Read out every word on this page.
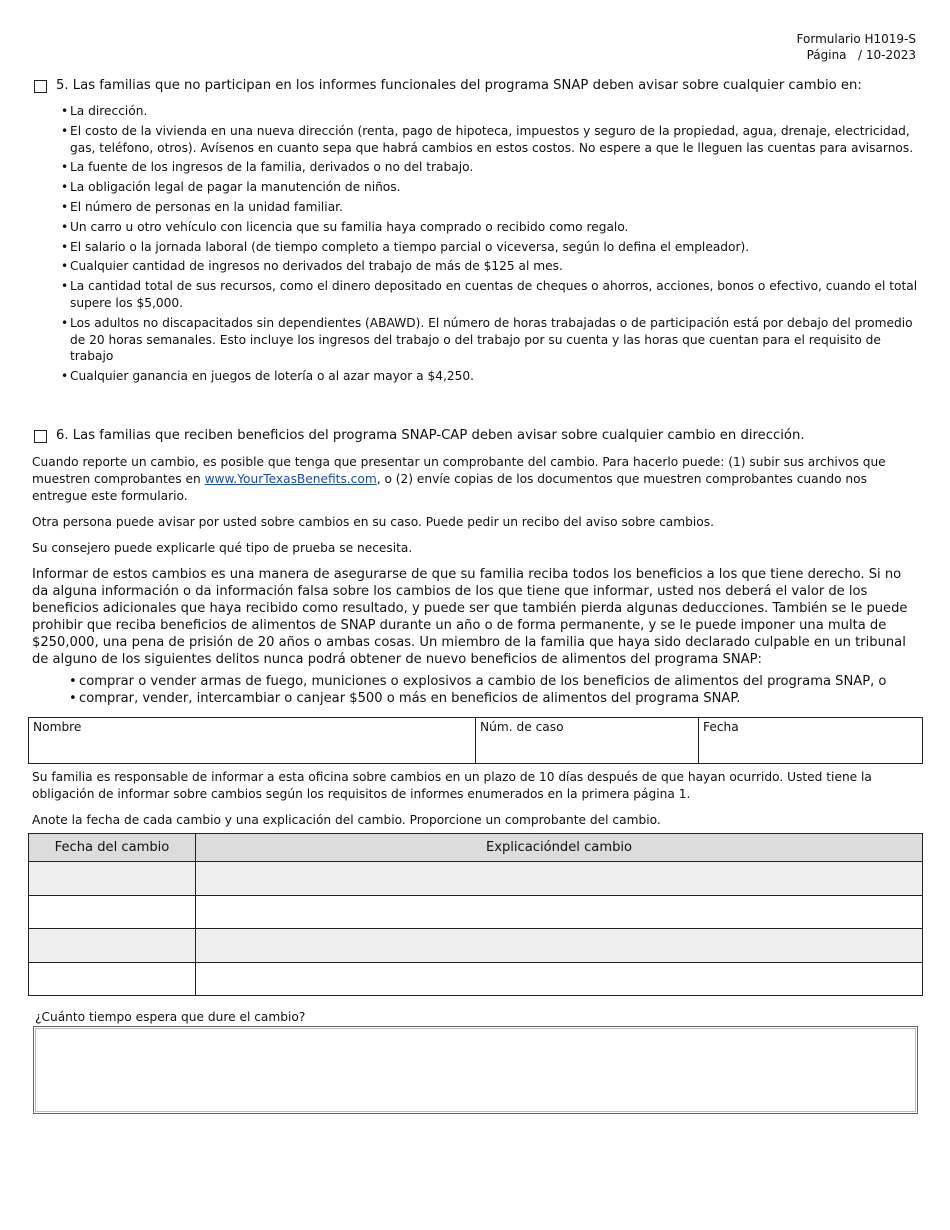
Formulario H1019-S
Página / 10-2023
5. Las familias que no participan en los informes funcionales del programa SNAP deben avisar sobre cualquier cambio en:
• La dirección.
• El costo de la vivienda en una nueva dirección (renta, pago de hipoteca, impuestos y seguro de la propiedad, agua, drenaje, electricidad, gas, teléfono, otros). Avísenos en cuanto sepa que habrá cambios en estos costos. No espere a que le lleguen las cuentas para avisarnos.
• La fuente de los ingresos de la familia, derivados o no del trabajo.
• La obligación legal de pagar la manutención de niños.
• El número de personas en la unidad familiar.
• Un carro u otro vehículo con licencia que su familia haya comprado o recibido como regalo.
• El salario o la jornada laboral (de tiempo completo a tiempo parcial o viceversa, según lo defina el empleador).
• Cualquier cantidad de ingresos no derivados del trabajo de más de $125 al mes.
• La cantidad total de sus recursos, como el dinero depositado en cuentas de cheques o ahorros, acciones, bonos o efectivo, cuando el total supere los $5,000.
• Los adultos no discapacitados sin dependientes (ABAWD). El número de horas trabajadas o de participación está por debajo del promedio de 20 horas semanales. Esto incluye los ingresos del trabajo o del trabajo por su cuenta y las horas que cuentan para el requisito de trabajo
• Cualquier ganancia en juegos de lotería o al azar mayor a $4,250.
6. Las familias que reciben beneficios del programa SNAP-CAP deben avisar sobre cualquier cambio en dirección.
Cuando reporte un cambio, es posible que tenga que presentar un comprobante del cambio. Para hacerlo puede: (1) subir sus archivos que muestren comprobantes en www.YourTexasBenefits.com, o (2) envíe copias de los documentos que muestren comprobantes cuando nos entregue este formulario.
Otra persona puede avisar por usted sobre cambios en su caso. Puede pedir un recibo del aviso sobre cambios.
Su consejero puede explicarle qué tipo de prueba se necesita.
Informar de estos cambios es una manera de asegurarse de que su familia reciba todos los beneficios a los que tiene derecho. Si no da alguna información o da información falsa sobre los cambios de los que tiene que informar, usted nos deberá el valor de los beneficios adicionales que haya recibido como resultado, y puede ser que también pierda algunas deducciones. También se le puede prohibir que reciba beneficios de alimentos de SNAP durante un año o de forma permanente, y se le puede imponer una multa de $250,000, una pena de prisión de 20 años o ambas cosas. Un miembro de la familia que haya sido declarado culpable en un tribunal de alguno de los siguientes delitos nunca podrá obtener de nuevo beneficios de alimentos del programa SNAP:
• comprar o vender armas de fuego, municiones o explosivos a cambio de los beneficios de alimentos del programa SNAP, o
• comprar, vender, intercambiar o canjear $500 o más en beneficios de alimentos del programa SNAP.
Nombre	Núm. de caso	Fecha
Su familia es responsable de informar a esta oficina sobre cambios en un plazo de 10 días después de que hayan ocurrido. Usted tiene la obligación de informar sobre cambios según los requisitos de informes enumerados en la primera página 1.
Anote la fecha de cada cambio y una explicación del cambio. Proporcione un comprobante del cambio.
Fecha del cambio	Explicacióndel cambio

¿Cuánto tiempo espera que dure el cambio?
